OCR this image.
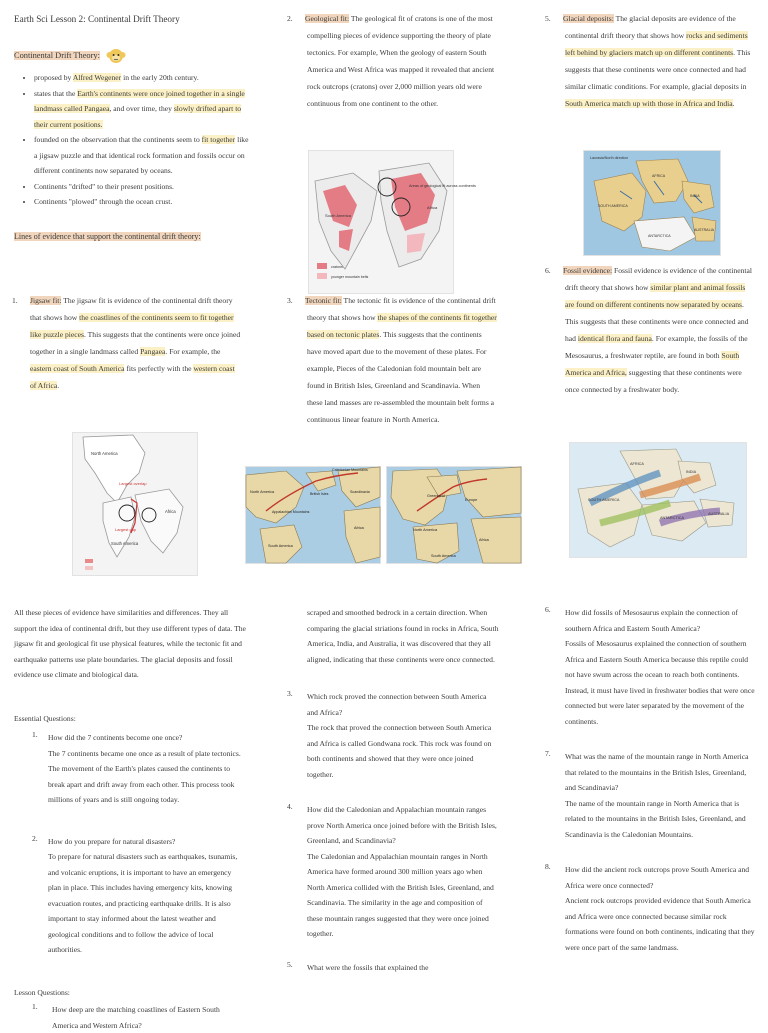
Earth Sci Lesson 2: Continental Drift Theory
Continental Drift Theory:
• proposed by Alfred Wegener in the early 20th century.
• states that the Earth's continents were once joined together in a single landmass called Pangaea, and over time, they slowly drifted apart to their current positions.
• founded on the observation that the continents seem to fit together like a jigsaw puzzle and that identical rock formation and fossils occur on different continents now separated by oceans.
• Continents "drifted" to their present positions.
• Continents "plowed" through the ocean crust.
Lines of evidence that support the continental drift theory:

1. Jigsaw fit: The jigsaw fit is evidence of the continental drift theory that shows how the coastlines of the continents seem to fit together like puzzle pieces. This suggests that the continents were once joined together in a single landmass called Pangaea. For example, the eastern coast of South America fits perfectly with the western coast of Africa.

Largest overlap
Largest gap
Africa
South America
North America

2. Geological fit: The geological fit of cratons is one of the most compelling pieces of evidence supporting the theory of plate tectonics. For example, When the geology of eastern South America and West Africa was mapped it revealed that ancient rock outcrops (cratons) over 2,000 million years old were continuous from one continent to the other.

Areas of geological fit across continents
Africa
South America
cratons
younger mountain belts

3. Tectonic fit: The tectonic fit is evidence of the continental drift theory that shows how the shapes of the continents fit together based on tectonic plates. This suggests that the continents have moved apart due to the movement of these plates. For example, Pieces of the Caledonian fold mountain belt are found in British Isles, Greenland and Scandinavia. When these land masses are re-assembled the mountain belt forms a continuous linear feature in North America.

Caledonian Mountains
North America	British Isles	Scandinavia
Appalachian Mountains
Africa
South America
Greenland
Europe
North America
Africa
South America

5. Glacial deposits: The glacial deposits are evidence of the continental drift theory that shows how rocks and sediments left behind by glaciers match up on different continents. This suggests that these continents were once connected and had similar climatic conditions. For example, glacial deposits in South America match up with those in Africa and India.

Laurasia/North direction
SOUTH AMERICA
AFRICA
INDIA
AUSTRALIA
ANTARCTICA

6. Fossil evidence: Fossil evidence is evidence of the continental drift theory that shows how similar plant and animal fossils are found on different continents now separated by oceans. This suggests that these continents were once connected and had identical flora and fauna. For example, the fossils of the Mesosaurus, a freshwater reptile, are found in both South America and Africa, suggesting that these continents were once connected by a freshwater body.

AFRICA
INDIA
SOUTH AMERICA
AUSTRALIA
ANTARCTICA

All these pieces of evidence have similarities and differences. They all support the idea of continental drift, but they use different types of data. The jigsaw fit and geological fit use physical features, while the tectonic fit and earthquake patterns use plate boundaries. The glacial deposits and fossil evidence use climate and biological data.

Essential Questions:
1. How did the 7 continents become one once?
The 7 continents became one once as a result of plate tectonics. The movement of the Earth's plates caused the continents to break apart and drift away from each other. This process took millions of years and is still ongoing today.
2. How do you prepare for natural disasters?
To prepare for natural disasters such as earthquakes, tsunamis, and volcanic eruptions, it is important to have an emergency plan in place. This includes having emergency kits, knowing evacuation routes, and practicing earthquake drills. It is also important to stay informed about the latest weather and geological conditions and to follow the advice of local authorities.
Lesson Questions:
1. How deep are the matching coastlines of Eastern South America and Western Africa?

scraped and smoothed bedrock in a certain direction. When comparing the glacial striations found in rocks in Africa, South America, India, and Australia, it was discovered that they all aligned, indicating that these continents were once connected.

3. Which rock proved the connection between South America and Africa?
The rock that proved the connection between South America and Africa is called Gondwana rock. This rock was found on both continents and showed that they were once joined together.
4. How did the Caledonian and Appalachian mountain ranges prove North America once joined before with the British Isles, Greenland, and Scandinavia?
The Caledonian and Appalachian mountain ranges in North America have formed around 300 million years ago when North America collided with the British Isles, Greenland, and Scandinavia. The similarity in the age and composition of these mountain ranges suggested that they were once joined together.
5. What were the fossils that explained the
6. How did fossils of Mesosaurus explain the connection of southern Africa and Eastern South America?
Fossils of Mesosaurus explained the connection of southern Africa and Eastern South America because this reptile could not have swum across the ocean to reach both continents. Instead, it must have lived in freshwater bodies that were once connected but were later separated by the movement of the continents.
7. What was the name of the mountain range in North America that related to the mountains in the British Isles, Greenland, and Scandinavia?
The name of the mountain range in North America that is related to the mountains in the British Isles, Greenland, and Scandinavia is the Caledonian Mountains.
8. How did the ancient rock outcrops prove South America and Africa were once connected?
Ancient rock outcrops provided evidence that South America and Africa were once connected because similar rock formations were found on both continents, indicating that they were once part of the same landmass.
